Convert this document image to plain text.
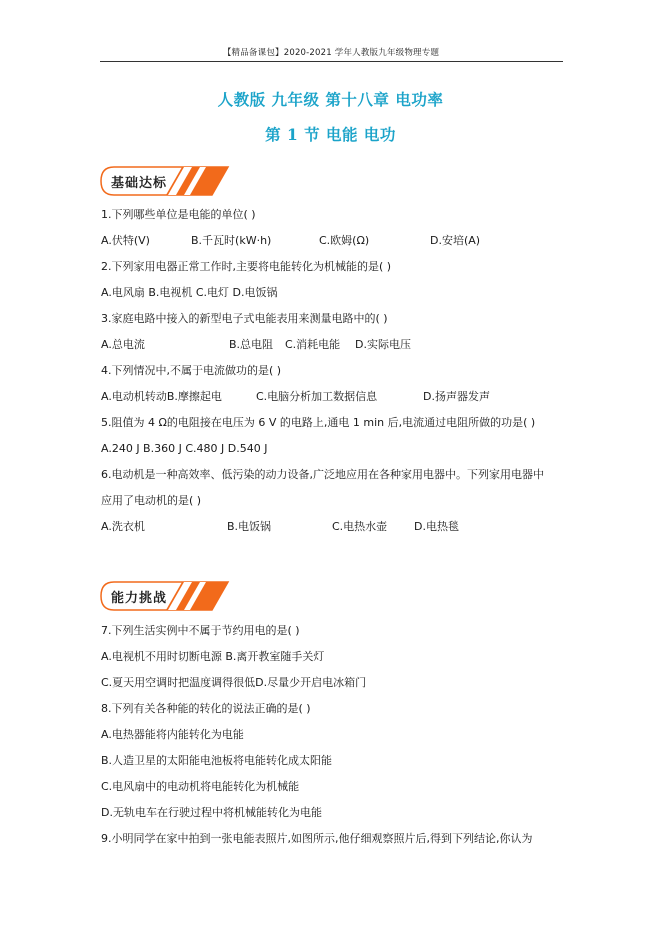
【精品备课包】2020-2021 学年人教版九年级物理专题
人教版 九年级 第十八章 电功率
第 1 节 电能 电功
基础达标
1.下列哪些单位是电能的单位( )
A.伏特(V)	B.千瓦时(kW·h)	C.欧姆(Ω)	D.安培(A)
2.下列家用电器正常工作时,主要将电能转化为机械能的是( )
A.电风扇 B.电视机 C.电灯 D.电饭锅
3.家庭电路中接入的新型电子式电能表用来测量电路中的( )
A.总电流	B.总电阻 C.消耗电能 D.实际电压
4.下列情况中,不属于电流做功的是( )
A.电动机转动B.摩擦起电	C.电脑分析加工数据信息	D.扬声器发声
5.阻值为 4 Ω的电阻接在电压为 6 V 的电路上,通电 1 min 后,电流通过电阻所做的功是( )
A.240 J B.360 J C.480 J D.540 J
6.电动机是一种高效率、低污染的动力设备,广泛地应用在各种家用电器中。下列家用电器中
应用了电动机的是( )
A.洗衣机	B.电饭锅	C.电热水壶 D.电热毯
能力挑战
7.下列生活实例中不属于节约用电的是( )
A.电视机不用时切断电源 B.离开教室随手关灯
C.夏天用空调时把温度调得很低D.尽量少开启电冰箱门
8.下列有关各种能的转化的说法正确的是( )
A.电热器能将内能转化为电能
B.人造卫星的太阳能电池板将电能转化成太阳能
C.电风扇中的电动机将电能转化为机械能
D.无轨电车在行驶过程中将机械能转化为电能
9.小明同学在家中拍到一张电能表照片,如图所示,他仔细观察照片后,得到下列结论,你认为
